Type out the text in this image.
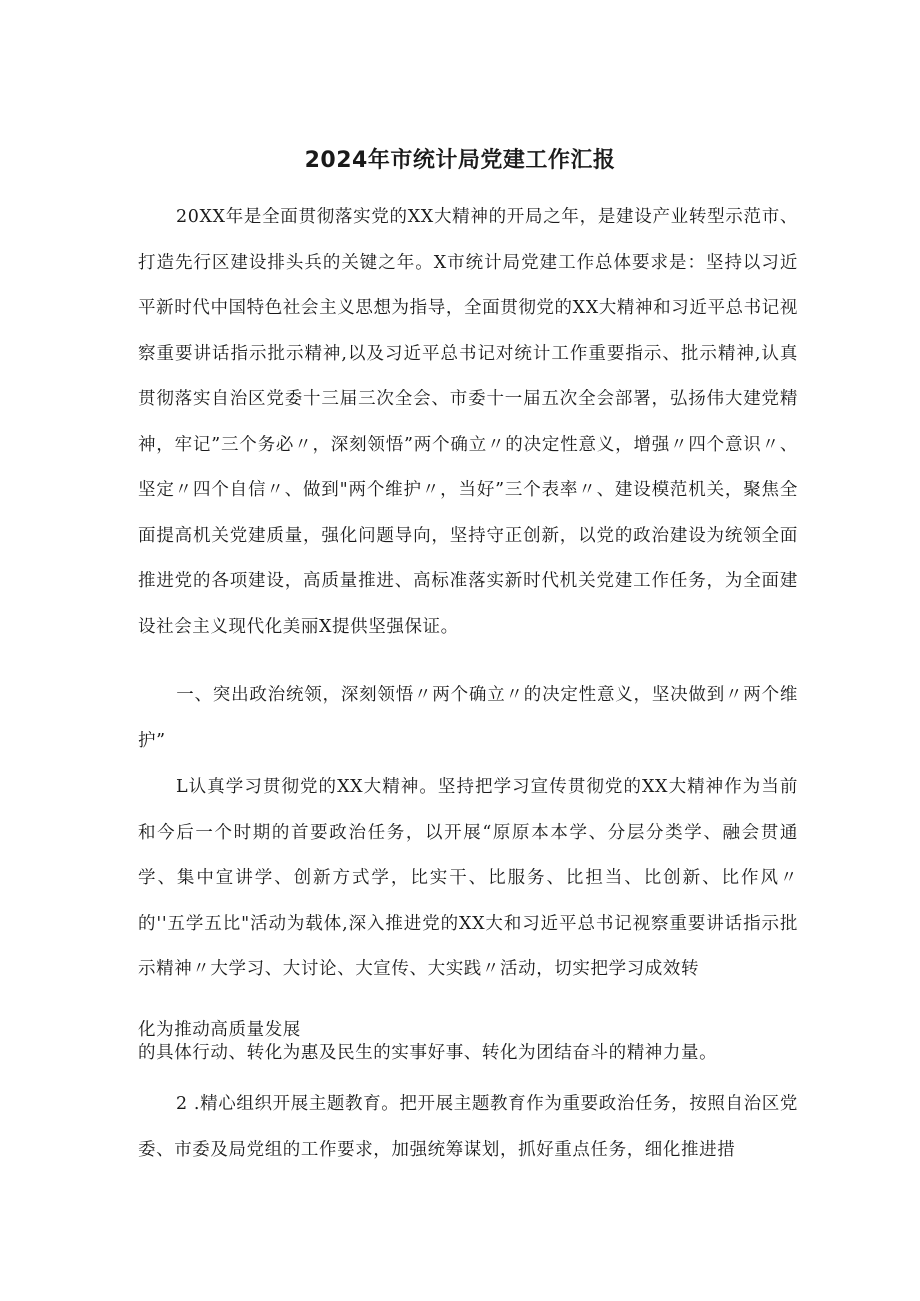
2024年市统计局党建工作汇报
20XX年是全面贯彻落实党的XX大精神的开局之年，是建设产业转型示范市、打造先行区建设排头兵的关键之年。X市统计局党建工作总体要求是：坚持以习近平新时代中国特色社会主义思想为指导，全面贯彻党的XX大精神和习近平总书记视察重要讲话指示批示精神,以及习近平总书记对统计工作重要指示、批示精神,认真贯彻落实自治区党委十三届三次全会、市委十一届五次全会部署，弘扬伟大建党精神，牢记”三个务必〃，深刻领悟”两个确立〃的决定性意义，增强〃四个意识〃、坚定〃四个自信〃、做到"两个维护〃，当好”三个表率〃、建设模范机关，聚焦全面提高机关党建质量，强化问题导向，坚持守正创新，以党的政治建设为统领全面推进党的各项建设，高质量推进、高标准落实新时代机关党建工作任务，为全面建设社会主义现代化美丽X提供坚强保证。
一、突出政治统领，深刻领悟〃两个确立〃的决定性意义，坚决做到〃两个维护”
L认真学习贯彻党的XX大精神。坚持把学习宣传贯彻党的XX大精神作为当前和今后一个时期的首要政治任务，以开展“原原本本学、分层分类学、融会贯通学、集中宣讲学、创新方式学，比实干、比服务、比担当、比创新、比作风〃的''五学五比"活动为载体,深入推进党的XX大和习近平总书记视察重要讲话指示批示精神〃大学习、大讨论、大宣传、大实践〃活动，切实把学习成效转
化为推动高质量发展
的具体行动、转化为惠及民生的实事好事、转化为团结奋斗的精神力量。
2 .精心组织开展主题教育。把开展主题教育作为重要政治任务，按照自治区党委、市委及局党组的工作要求，加强统筹谋划，抓好重点任务，细化推进措
